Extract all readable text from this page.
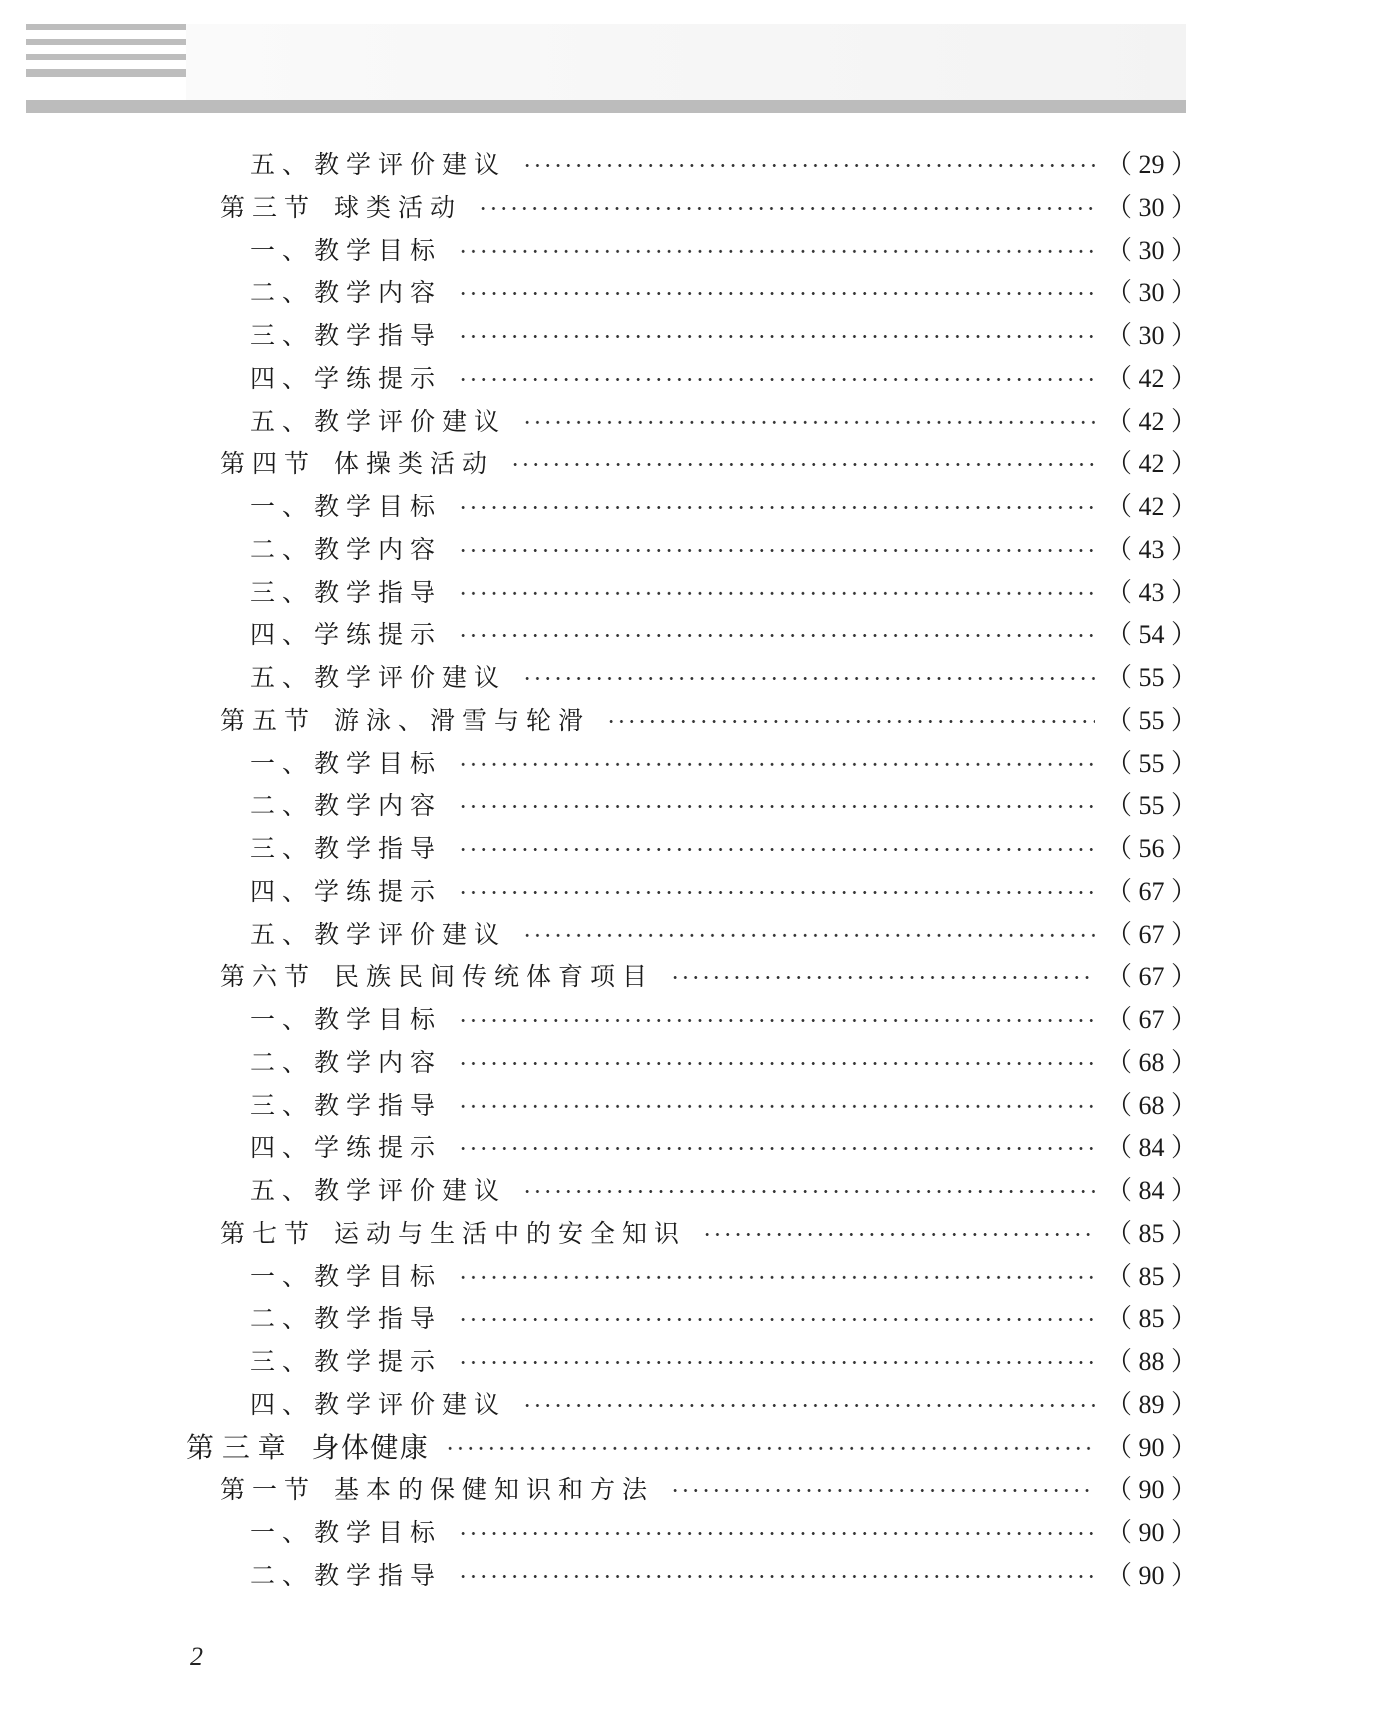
五、教学评价建议	（ 29 ）
第三节 球类活动	（ 30 ）
一、教学目标	（ 30 ）
二、教学内容	（ 30 ）
三、教学指导	（ 30 ）
四、学练提示	（ 42 ）
五、教学评价建议	（ 42 ）
第四节 体操类活动	（ 42 ）
一、教学目标	（ 42 ）
二、教学内容	（ 43 ）
三、教学指导	（ 43 ）
四、学练提示	（ 54 ）
五、教学评价建议	（ 55 ）
第五节 游泳、滑雪与轮滑	（ 55 ）
一、教学目标	（ 55 ）
二、教学内容	（ 55 ）
三、教学指导	（ 56 ）
四、学练提示	（ 67 ）
五、教学评价建议	（ 67 ）
第六节 民族民间传统体育项目	（ 67 ）
一、教学目标	（ 67 ）
二、教学内容	（ 68 ）
三、教学指导	（ 68 ）
四、学练提示	（ 84 ）
五、教学评价建议	（ 84 ）
第七节 运动与生活中的安全知识	（ 85 ）
一、教学目标	（ 85 ）
二、教学指导	（ 85 ）
三、教学提示	（ 88 ）
四、教学评价建议	（ 89 ）
第三章 身体健康	（ 90 ）
第一节 基本的保健知识和方法	（ 90 ）
一、教学目标	（ 90 ）
二、教学指导	（ 90 ）
2
